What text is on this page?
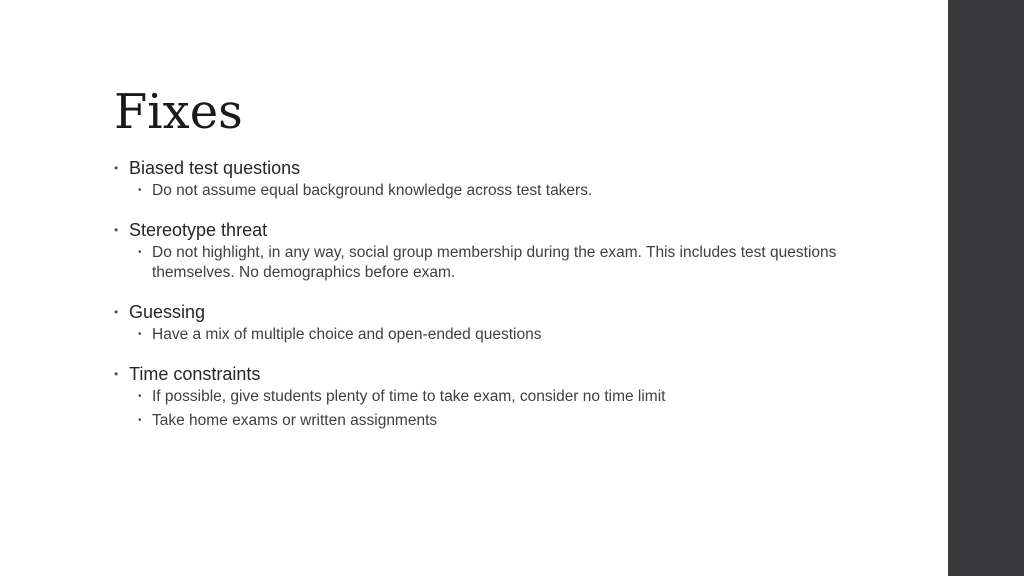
Fixes
• Biased test questions
• Do not assume equal background knowledge across test takers.
• Stereotype threat
• Do not highlight, in any way, social group membership during the exam. This includes test questions themselves. No demographics before exam.
• Guessing
• Have a mix of multiple choice and open-ended questions
• Time constraints
• If possible, give students plenty of time to take exam, consider no time limit
• Take home exams or written assignments
